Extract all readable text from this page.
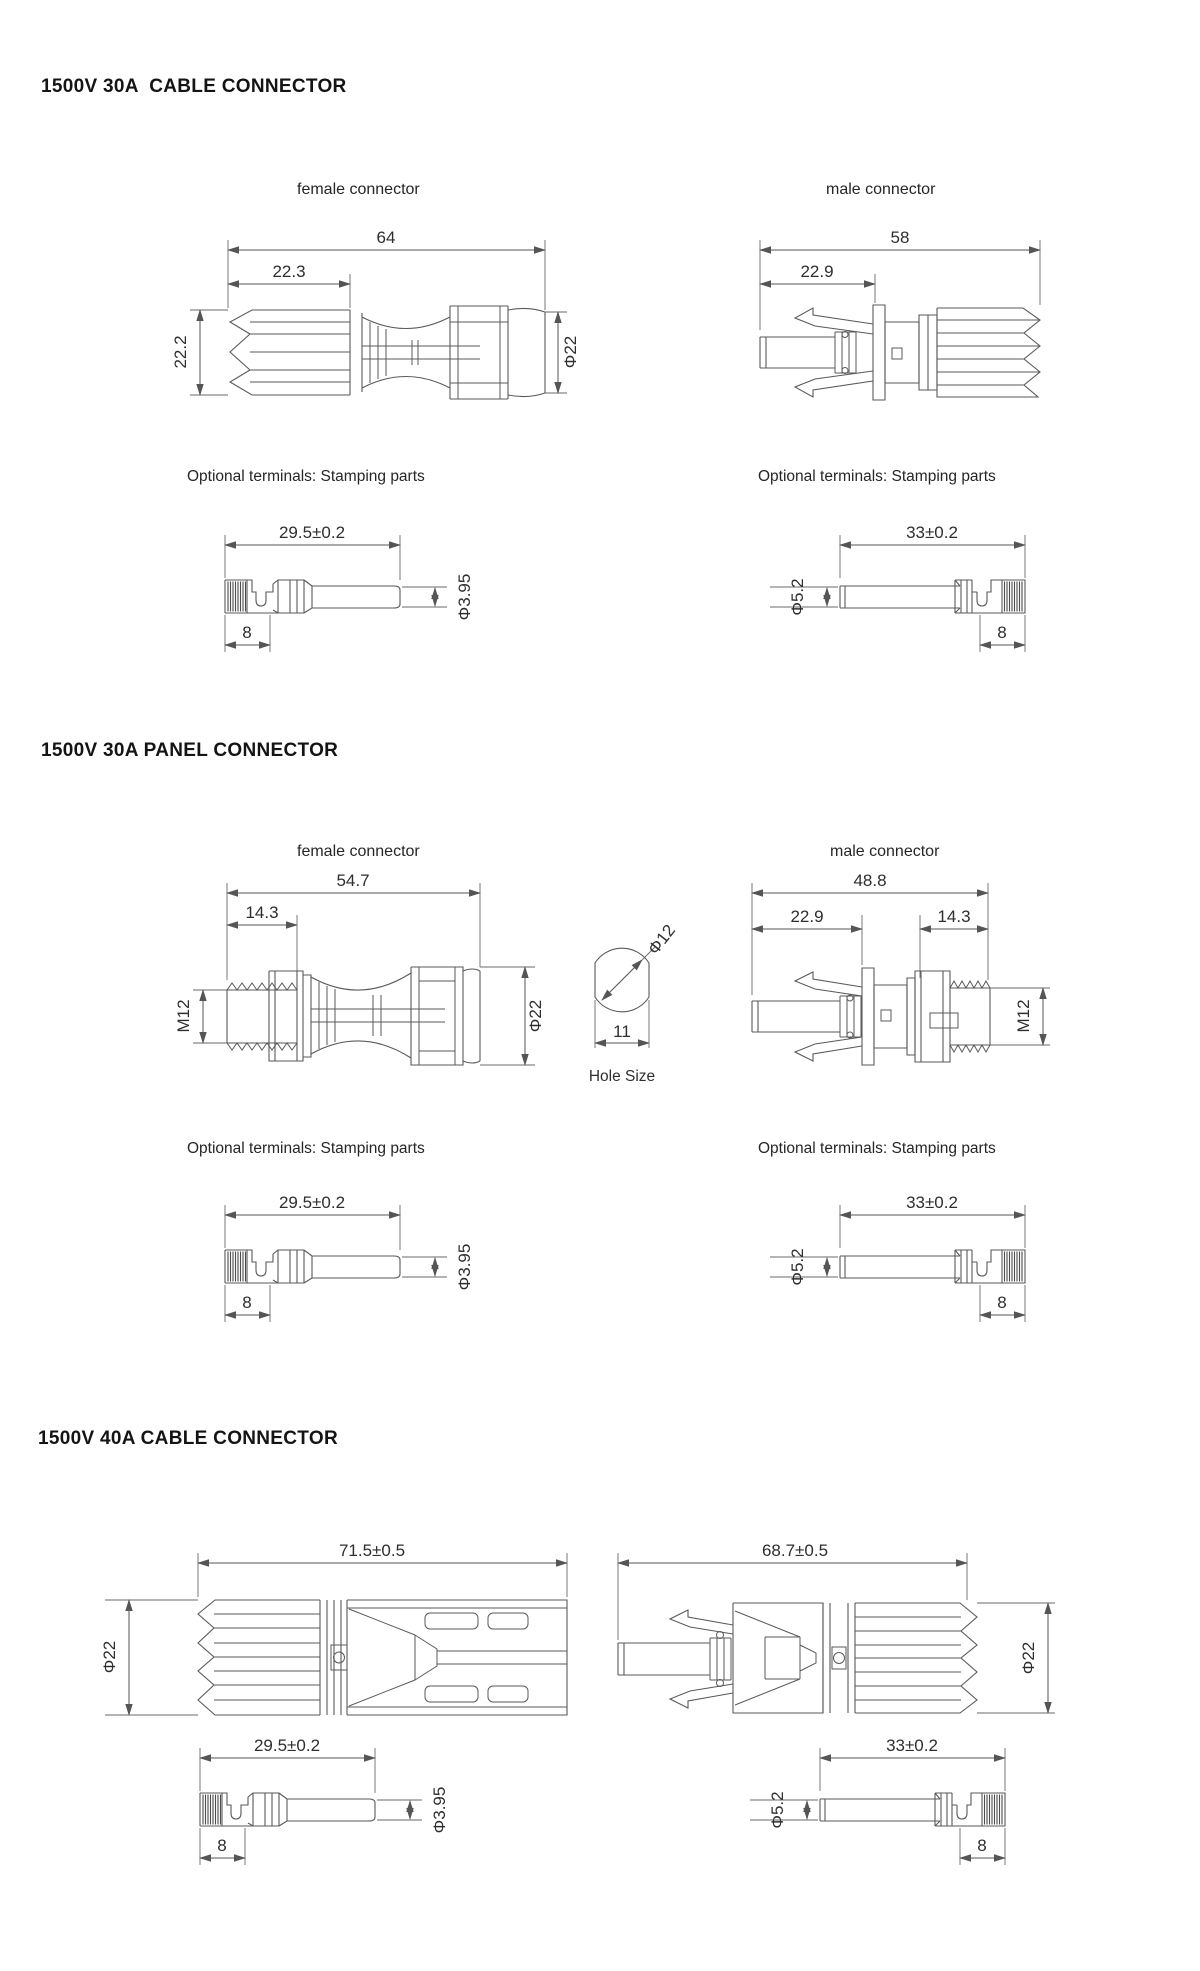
1500V 30A  CABLE CONNECTOR
female connector	male connector
64
22.3
22.2	Φ22
58
22.9
Optional terminals: Stamping parts	Optional terminals: Stamping parts
29.5±0.2
8
Φ3.95
33±0.2
8
Φ5.2
1500V 30A PANEL CONNECTOR
female connector	male connector
54.7
14.3
M12	Φ22
Φ12
11
Hole Size
48.8
22.9	14.3
M12
Optional terminals: Stamping parts	Optional terminals: Stamping parts
29.5±0.2
8
Φ3.95
33±0.2
8
Φ5.2
1500V 40A CABLE CONNECTOR
71.5±0.5
Φ22
68.7±0.5
Φ22
29.5±0.2
8
Φ3.95
33±0.2
8
Φ5.2
